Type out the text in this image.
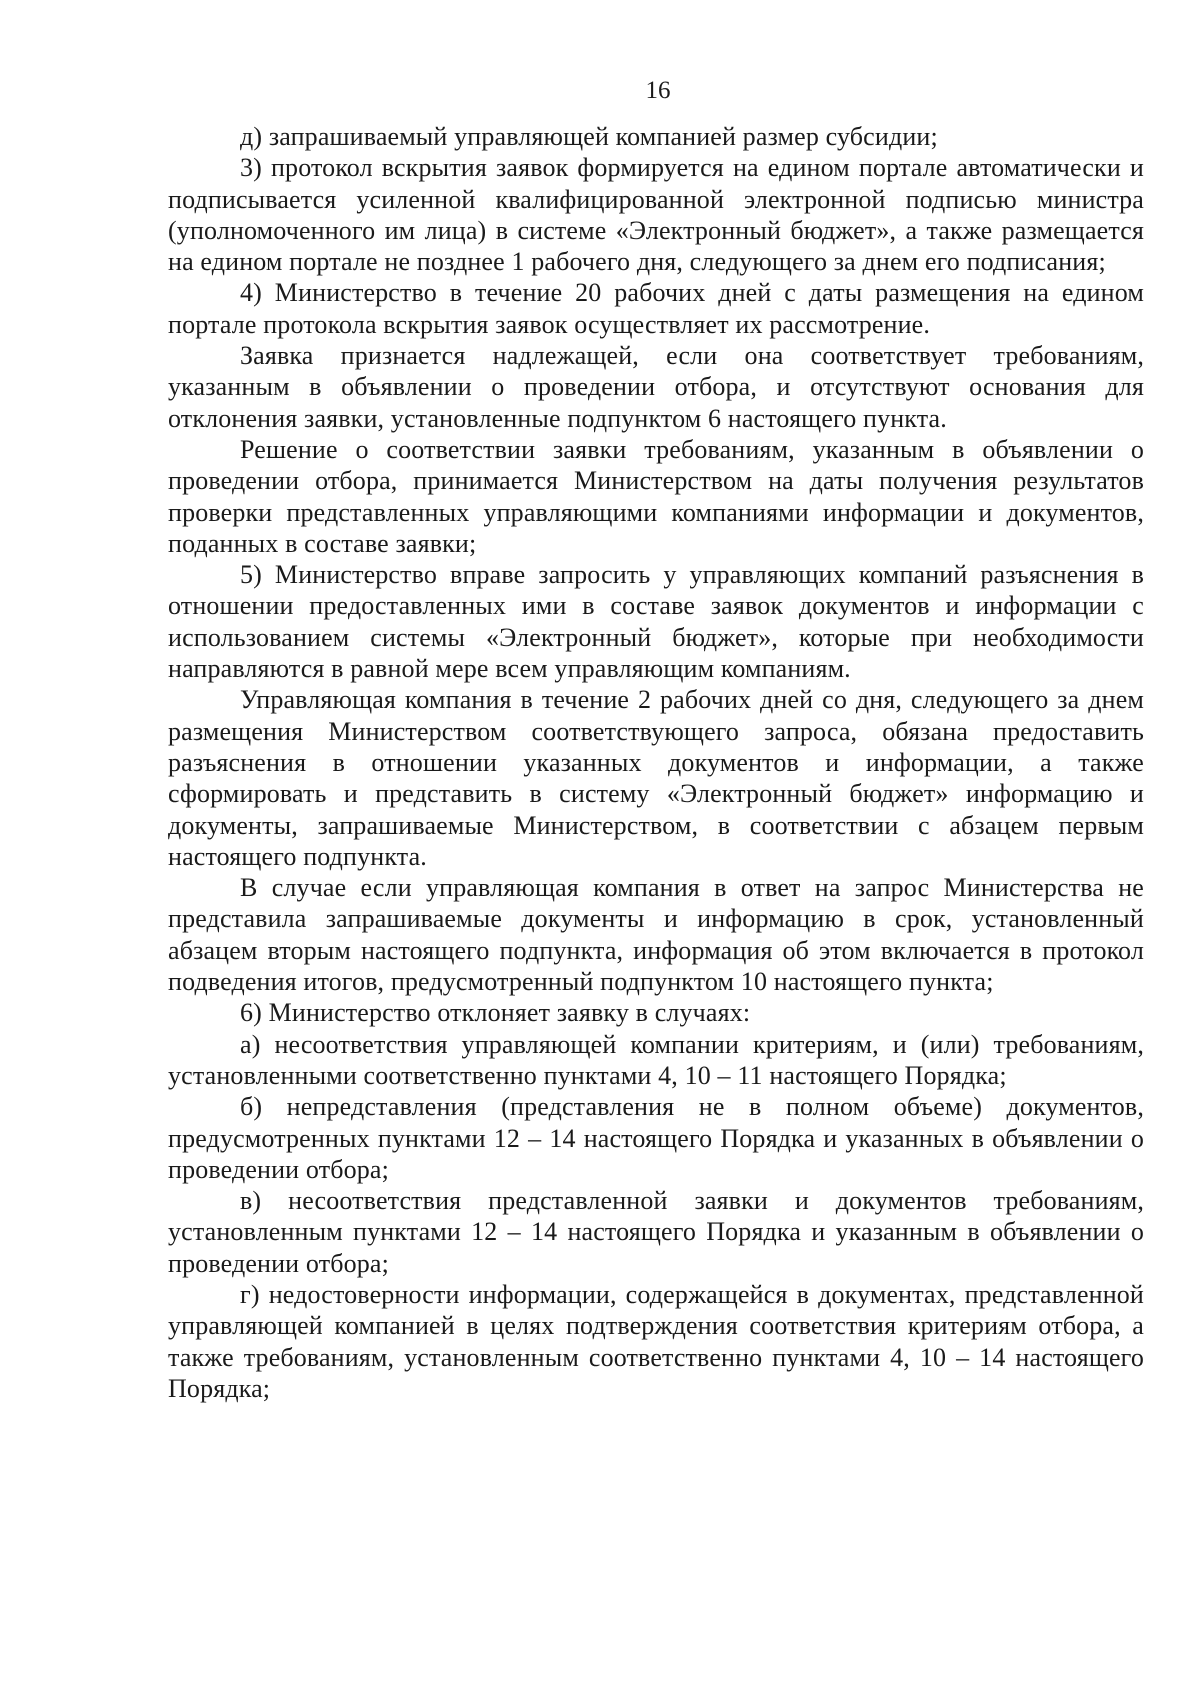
16

д) запрашиваемый управляющей компанией размер субсидии;

3) протокол вскрытия заявок формируется на едином портале автоматически и подписывается усиленной квалифицированной электронной подписью министра (уполномоченного им лица) в системе «Электронный бюджет», а также размещается на едином портале не позднее 1 рабочего дня, следующего за днем его подписания;

4) Министерство в течение 20 рабочих дней с даты размещения на едином портале протокола вскрытия заявок осуществляет их рассмотрение.

Заявка признается надлежащей, если она соответствует требованиям, указанным в объявлении о проведении отбора, и отсутствуют основания для отклонения заявки, установленные подпунктом 6 настоящего пункта.

Решение о соответствии заявки требованиям, указанным в объявлении о проведении отбора, принимается Министерством на даты получения результатов проверки представленных управляющими компаниями информации и документов, поданных в составе заявки;

5) Министерство вправе запросить у управляющих компаний разъяснения в отношении предоставленных ими в составе заявок документов и информации с использованием системы «Электронный бюджет», которые при необходимости направляются в равной мере всем управляющим компаниям.

Управляющая компания в течение 2 рабочих дней со дня, следующего за днем размещения Министерством соответствующего запроса, обязана предоставить разъяснения в отношении указанных документов и информации, а также сформировать и представить в систему «Электронный бюджет» информацию и документы, запрашиваемые Министерством, в соответствии с абзацем первым настоящего подпункта.

В случае если управляющая компания в ответ на запрос Министерства не представила запрашиваемые документы и информацию в срок, установленный абзацем вторым настоящего подпункта, информация об этом включается в протокол подведения итогов, предусмотренный подпунктом 10 настоящего пункта;

6) Министерство отклоняет заявку в случаях:

а) несоответствия управляющей компании критериям, и (или) требованиям, установленными соответственно пунктами 4, 10 – 11 настоящего Порядка;

б) непредставления (представления не в полном объеме) документов, предусмотренных пунктами 12 – 14 настоящего Порядка и указанных в объявлении о проведении отбора;

в) несоответствия представленной заявки и документов требованиям, установленным пунктами 12 – 14 настоящего Порядка и указанным в объявлении о проведении отбора;

г) недостоверности информации, содержащейся в документах, представленной управляющей компанией в целях подтверждения соответствия критериям отбора, а также требованиям, установленным соответственно пунктами 4, 10 – 14 настоящего Порядка;
